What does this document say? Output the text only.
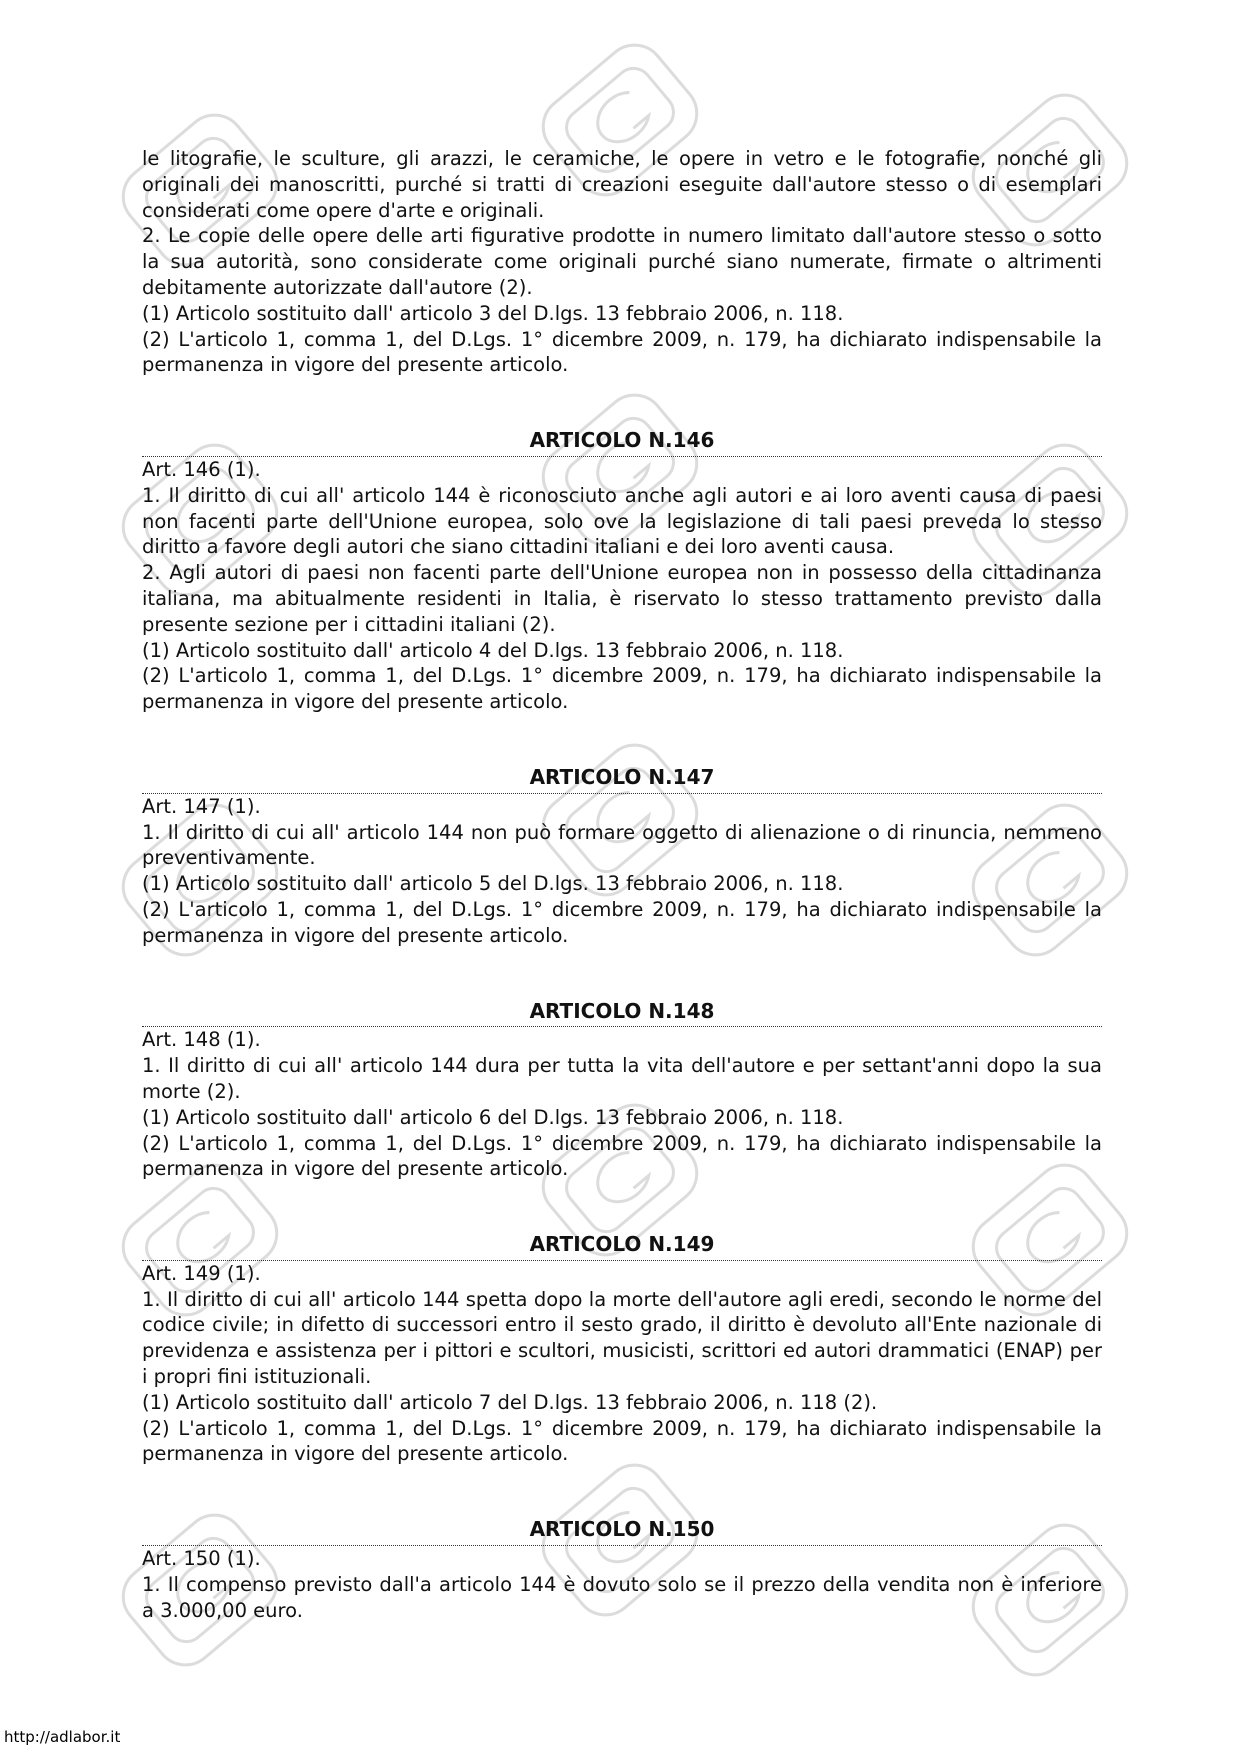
le litografie, le sculture, gli arazzi, le ceramiche, le opere in vetro e le fotografie, nonché gli originali dei manoscritti, purché si tratti di creazioni eseguite dall'autore stesso o di esemplari considerati come opere d'arte e originali.

2. Le copie delle opere delle arti figurative prodotte in numero limitato dall'autore stesso o sotto la sua autorità, sono considerate come originali purché siano numerate, firmate o altrimenti debitamente autorizzate dall'autore (2).

(1) Articolo sostituito dall' articolo 3 del D.lgs. 13 febbraio 2006, n. 118.

(2) L'articolo 1, comma 1, del D.Lgs. 1° dicembre 2009, n. 179, ha dichiarato indispensabile la permanenza in vigore del presente articolo.

ARTICOLO N.146

Art. 146 (1).

1. Il diritto di cui all' articolo 144 è riconosciuto anche agli autori e ai loro aventi causa di paesi non facenti parte dell'Unione europea, solo ove la legislazione di tali paesi preveda lo stesso diritto a favore degli autori che siano cittadini italiani e dei loro aventi causa.

2. Agli autori di paesi non facenti parte dell'Unione europea non in possesso della cittadinanza italiana, ma abitualmente residenti in Italia, è riservato lo stesso trattamento previsto dalla presente sezione per i cittadini italiani (2).

(1) Articolo sostituito dall' articolo 4 del D.lgs. 13 febbraio 2006, n. 118.

(2) L'articolo 1, comma 1, del D.Lgs. 1° dicembre 2009, n. 179, ha dichiarato indispensabile la permanenza in vigore del presente articolo.

ARTICOLO N.147

Art. 147 (1).

1. Il diritto di cui all' articolo 144 non può formare oggetto di alienazione o di rinuncia, nemmeno preventivamente.

(1) Articolo sostituito dall' articolo 5 del D.lgs. 13 febbraio 2006, n. 118.

(2) L'articolo 1, comma 1, del D.Lgs. 1° dicembre 2009, n. 179, ha dichiarato indispensabile la permanenza in vigore del presente articolo.

ARTICOLO N.148

Art. 148 (1).

1. Il diritto di cui all' articolo 144 dura per tutta la vita dell'autore e per settant'anni dopo la sua morte (2).

(1) Articolo sostituito dall' articolo 6 del D.lgs. 13 febbraio 2006, n. 118.

(2) L'articolo 1, comma 1, del D.Lgs. 1° dicembre 2009, n. 179, ha dichiarato indispensabile la permanenza in vigore del presente articolo.

ARTICOLO N.149

Art. 149 (1).

1. Il diritto di cui all' articolo 144 spetta dopo la morte dell'autore agli eredi, secondo le norme del codice civile; in difetto di successori entro il sesto grado, il diritto è devoluto all'Ente nazionale di previdenza e assistenza per i pittori e scultori, musicisti, scrittori ed autori drammatici (ENAP) per i propri fini istituzionali.

(1) Articolo sostituito dall' articolo 7 del D.lgs. 13 febbraio 2006, n. 118 (2).

(2) L'articolo 1, comma 1, del D.Lgs. 1° dicembre 2009, n. 179, ha dichiarato indispensabile la permanenza in vigore del presente articolo.

ARTICOLO N.150

Art. 150 (1).

1. Il compenso previsto dall'a articolo 144 è dovuto solo se il prezzo della vendita non è inferiore a 3.000,00 euro.

http://adlabor.it
